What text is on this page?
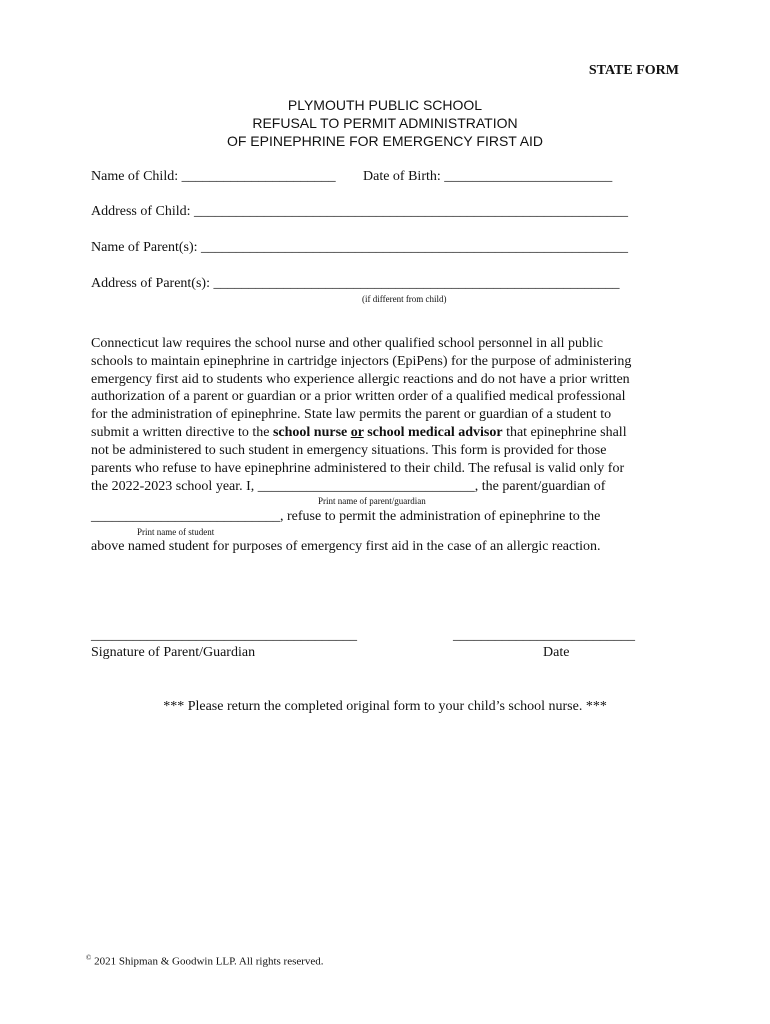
STATE FORM
PLYMOUTH PUBLIC SCHOOL
REFUSAL TO PERMIT ADMINISTRATION
OF EPINEPHRINE FOR EMERGENCY FIRST AID
Name of Child: ______________________ Date of Birth: ________________________
Address of Child: ______________________________________________________________
Name of Parent(s): _____________________________________________________________
Address of Parent(s): __________________________________________________________
(if different from child)
Connecticut law requires the school nurse and other qualified school personnel in all public
schools to maintain epinephrine in cartridge injectors (EpiPens) for the purpose of administering
emergency first aid to students who experience allergic reactions and do not have a prior written
authorization of a parent or guardian or a prior written order of a qualified medical professional
for the administration of epinephrine. State law permits the parent or guardian of a student to
submit a written directive to the school nurse or school medical advisor that epinephrine shall
not be administered to such student in emergency situations. This form is provided for those
parents who refuse to have epinephrine administered to their child. The refusal is valid only for
the 2022-2023 school year. I, _______________________________, the parent/guardian of
Print name of parent/guardian
___________________________, refuse to permit the administration of epinephrine to the
Print name of student
above named student for purposes of emergency first aid in the case of an allergic reaction.
______________________________________	__________________________
Signature of Parent/Guardian	Date
*** Please return the completed original form to your child’s school nurse. ***
© 2021 Shipman & Goodwin LLP. All rights reserved.
